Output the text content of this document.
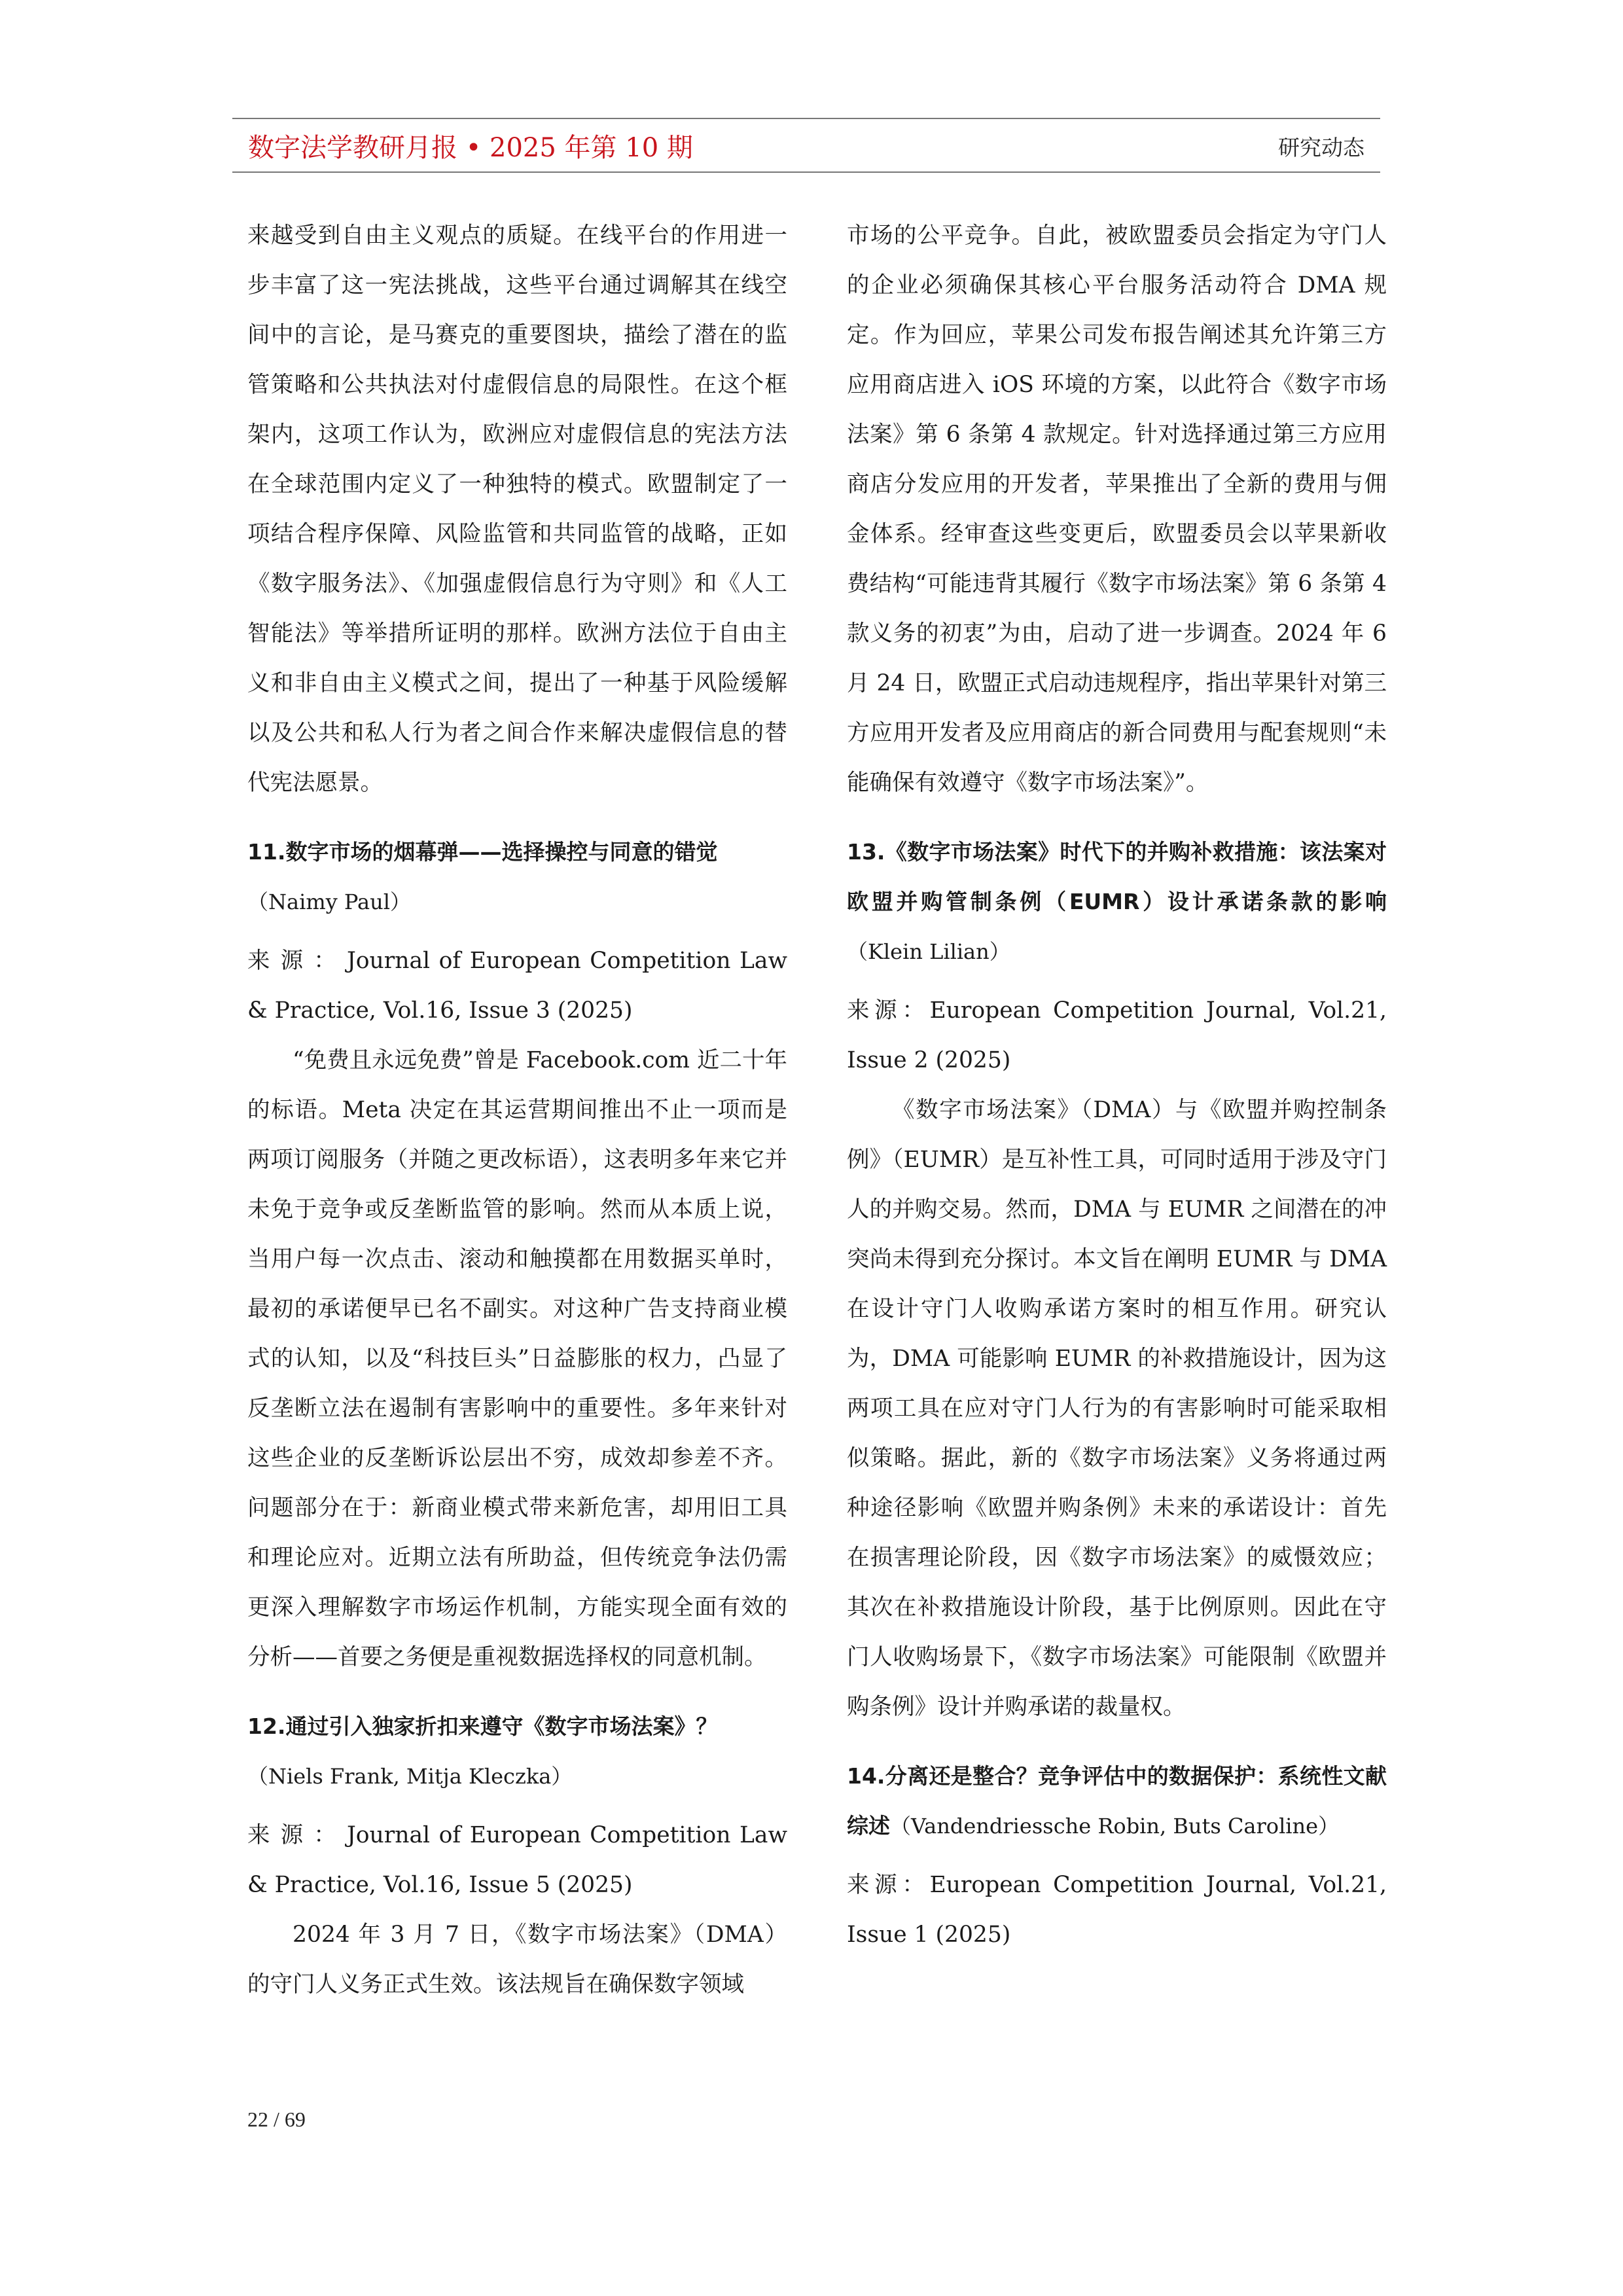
数字法学教研月报 • 2025 年第 10 期	研究动态

来越受到自由主义观点的质疑。在线平台的作用进一步丰富了这一宪法挑战，这些平台通过调解其在线空间中的言论，是马赛克的重要图块，描绘了潜在的监管策略和公共执法对付虚假信息的局限性。在这个框架内，这项工作认为，欧洲应对虚假信息的宪法方法在全球范围内定义了一种独特的模式。欧盟制定了一项结合程序保障、风险监管和共同监管的战略，正如《数字服务法》、《加强虚假信息行为守则》和《人工智能法》等举措所证明的那样。欧洲方法位于自由主义和非自由主义模式之间，提出了一种基于风险缓解以及公共和私人行为者之间合作来解决虚假信息的替代宪法愿景。

11.数字市场的烟幕弹——选择操控与同意的错觉
（Naimy Paul）

来 源 ： Journal of European Competition Law & Practice, Vol.16, Issue 3 (2025)

“免费且永远免费”曾是 Facebook.com 近二十年的标语。Meta 决定在其运营期间推出不止一项而是两项订阅服务（并随之更改标语），这表明多年来它并未免于竞争或反垄断监管的影响。然而从本质上说，当用户每一次点击、滚动和触摸都在用数据买单时，最初的承诺便早已名不副实。对这种广告支持商业模式的认知，以及“科技巨头”日益膨胀的权力，凸显了反垄断立法在遏制有害影响中的重要性。多年来针对这些企业的反垄断诉讼层出不穷，成效却参差不齐。问题部分在于：新商业模式带来新危害，却用旧工具和理论应对。近期立法有所助益，但传统竞争法仍需更深入理解数字市场运作机制，方能实现全面有效的分析——首要之务便是重视数据选择权的同意机制。

12.通过引入独家折扣来遵守《数字市场法案》？
（Niels Frank, Mitja Kleczka）

来 源 ： Journal of European Competition Law & Practice, Vol.16, Issue 5 (2025)

2024 年 3 月 7 日，《数字市场法案》（DMA）的守门人义务正式生效。该法规旨在确保数字领域

市场的公平竞争。自此，被欧盟委员会指定为守门人的企业必须确保其核心平台服务活动符合 DMA 规定。作为回应，苹果公司发布报告阐述其允许第三方应用商店进入 iOS 环境的方案，以此符合《数字市场法案》第 6 条第 4 款规定。针对选择通过第三方应用商店分发应用的开发者，苹果推出了全新的费用与佣金体系。经审查这些变更后，欧盟委员会以苹果新收费结构“可能违背其履行《数字市场法案》第 6 条第 4 款义务的初衷”为由，启动了进一步调查。2024 年 6 月 24 日，欧盟正式启动违规程序，指出苹果针对第三方应用开发者及应用商店的新合同费用与配套规则“未能确保有效遵守《数字市场法案》”。

13.《数字市场法案》时代下的并购补救措施：该法案对欧盟并购管制条例（EUMR）设计承诺条款的影响（Klein Lilian）

来源：European Competition Journal, Vol.21, Issue 2 (2025)

《数字市场法案》（DMA）与《欧盟并购控制条例》（EUMR）是互补性工具，可同时适用于涉及守门人的并购交易。然而，DMA 与 EUMR 之间潜在的冲突尚未得到充分探讨。本文旨在阐明 EUMR 与 DMA 在设计守门人收购承诺方案时的相互作用。研究认为，DMA 可能影响 EUMR 的补救措施设计，因为这两项工具在应对守门人行为的有害影响时可能采取相似策略。据此，新的《数字市场法案》义务将通过两种途径影响《欧盟并购条例》未来的承诺设计：首先在损害理论阶段，因《数字市场法案》的威慑效应；其次在补救措施设计阶段，基于比例原则。因此在守门人收购场景下，《数字市场法案》可能限制《欧盟并购条例》设计并购承诺的裁量权。

14.分离还是整合？竞争评估中的数据保护：系统性文献综述（Vandendriessche Robin, Buts Caroline）

来源：European Competition Journal, Vol.21, Issue 1 (2025)

22 / 69
